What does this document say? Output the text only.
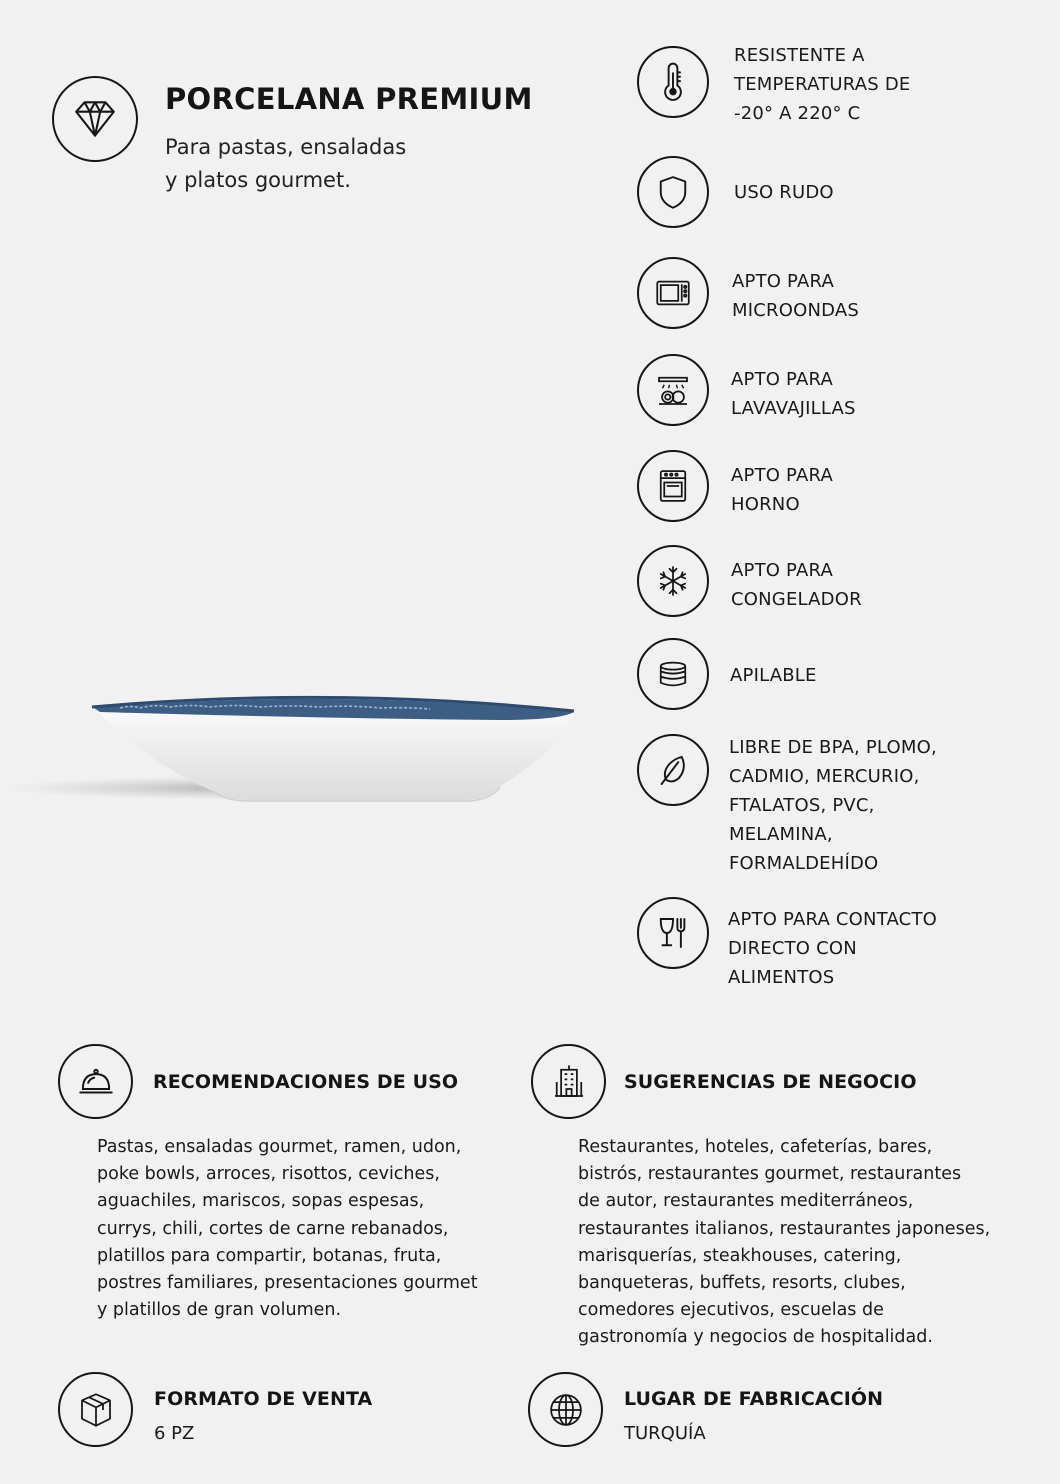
PORCELANA PREMIUM
Para pastas, ensaladas
y platos gourmet.
RESISTENTE A
TEMPERATURAS DE
-20° A 220° C
USO RUDO
APTO PARA
MICROONDAS
APTO PARA
LAVAVAJILLAS
APTO PARA
HORNO
APTO PARA
CONGELADOR
APILABLE
LIBRE DE BPA, PLOMO,
CADMIO, MERCURIO,
FTALATOS, PVC,
MELAMINA,
FORMALDEHÍDO
APTO PARA CONTACTO
DIRECTO CON
ALIMENTOS
RECOMENDACIONES DE USO
Pastas, ensaladas gourmet, ramen, udon,
poke bowls, arroces, risottos, ceviches,
aguachiles, mariscos, sopas espesas,
currys, chili, cortes de carne rebanados,
platillos para compartir, botanas, fruta,
postres familiares, presentaciones gourmet
y platillos de gran volumen.
SUGERENCIAS DE NEGOCIO
Restaurantes, hoteles, cafeterías, bares,
bistrós, restaurantes gourmet, restaurantes
de autor, restaurantes mediterráneos,
restaurantes italianos, restaurantes japoneses,
marisquerías, steakhouses, catering,
banqueteras, buffets, resorts, clubes,
comedores ejecutivos, escuelas de
gastronomía y negocios de hospitalidad.
FORMATO DE VENTA
6 PZ
LUGAR DE FABRICACIÓN
TURQUÍA
